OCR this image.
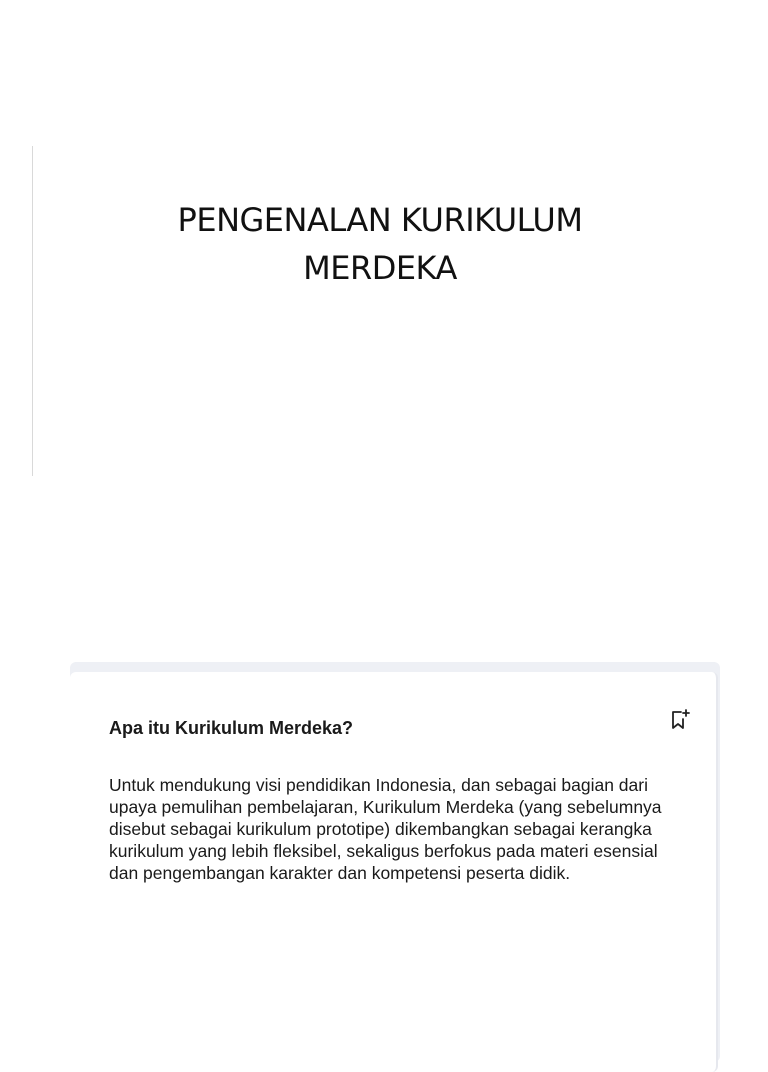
PENGENALAN KURIKULUM
MERDEKA
Apa itu Kurikulum Merdeka?

Untuk mendukung visi pendidikan Indonesia, dan sebagai bagian dari upaya pemulihan pembelajaran, Kurikulum Merdeka (yang sebelumnya disebut sebagai kurikulum prototipe) dikembangkan sebagai kerangka kurikulum yang lebih fleksibel, sekaligus berfokus pada materi esensial dan pengembangan karakter dan kompetensi peserta didik.
